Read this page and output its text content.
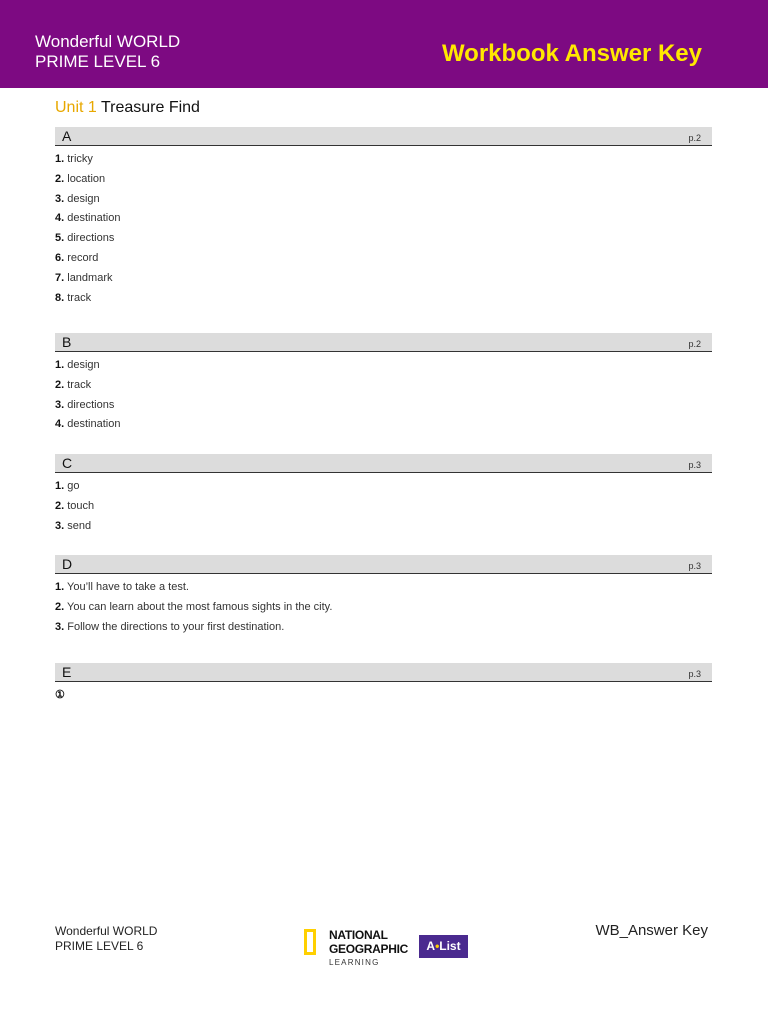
Wonderful WORLD
PRIME LEVEL 6	Workbook Answer Key
Unit 1 Treasure Find
A	p.2
1. tricky
2. location
3. design
4. destination
5. directions
6. record
7. landmark
8. track
B	p.2
1. design
2. track
3. directions
4. destination
C	p.3
1. go
2. touch
3. send
D	p.3
1. You’ll have to take a test.
2. You can learn about the most famous sights in the city.
3. Follow the directions to your first destination.
E	p.3
①
Wonderful WORLD
PRIME LEVEL 6
NATIONAL
GEOGRAPHIC
LEARNING
A•List
WB_Answer Key
